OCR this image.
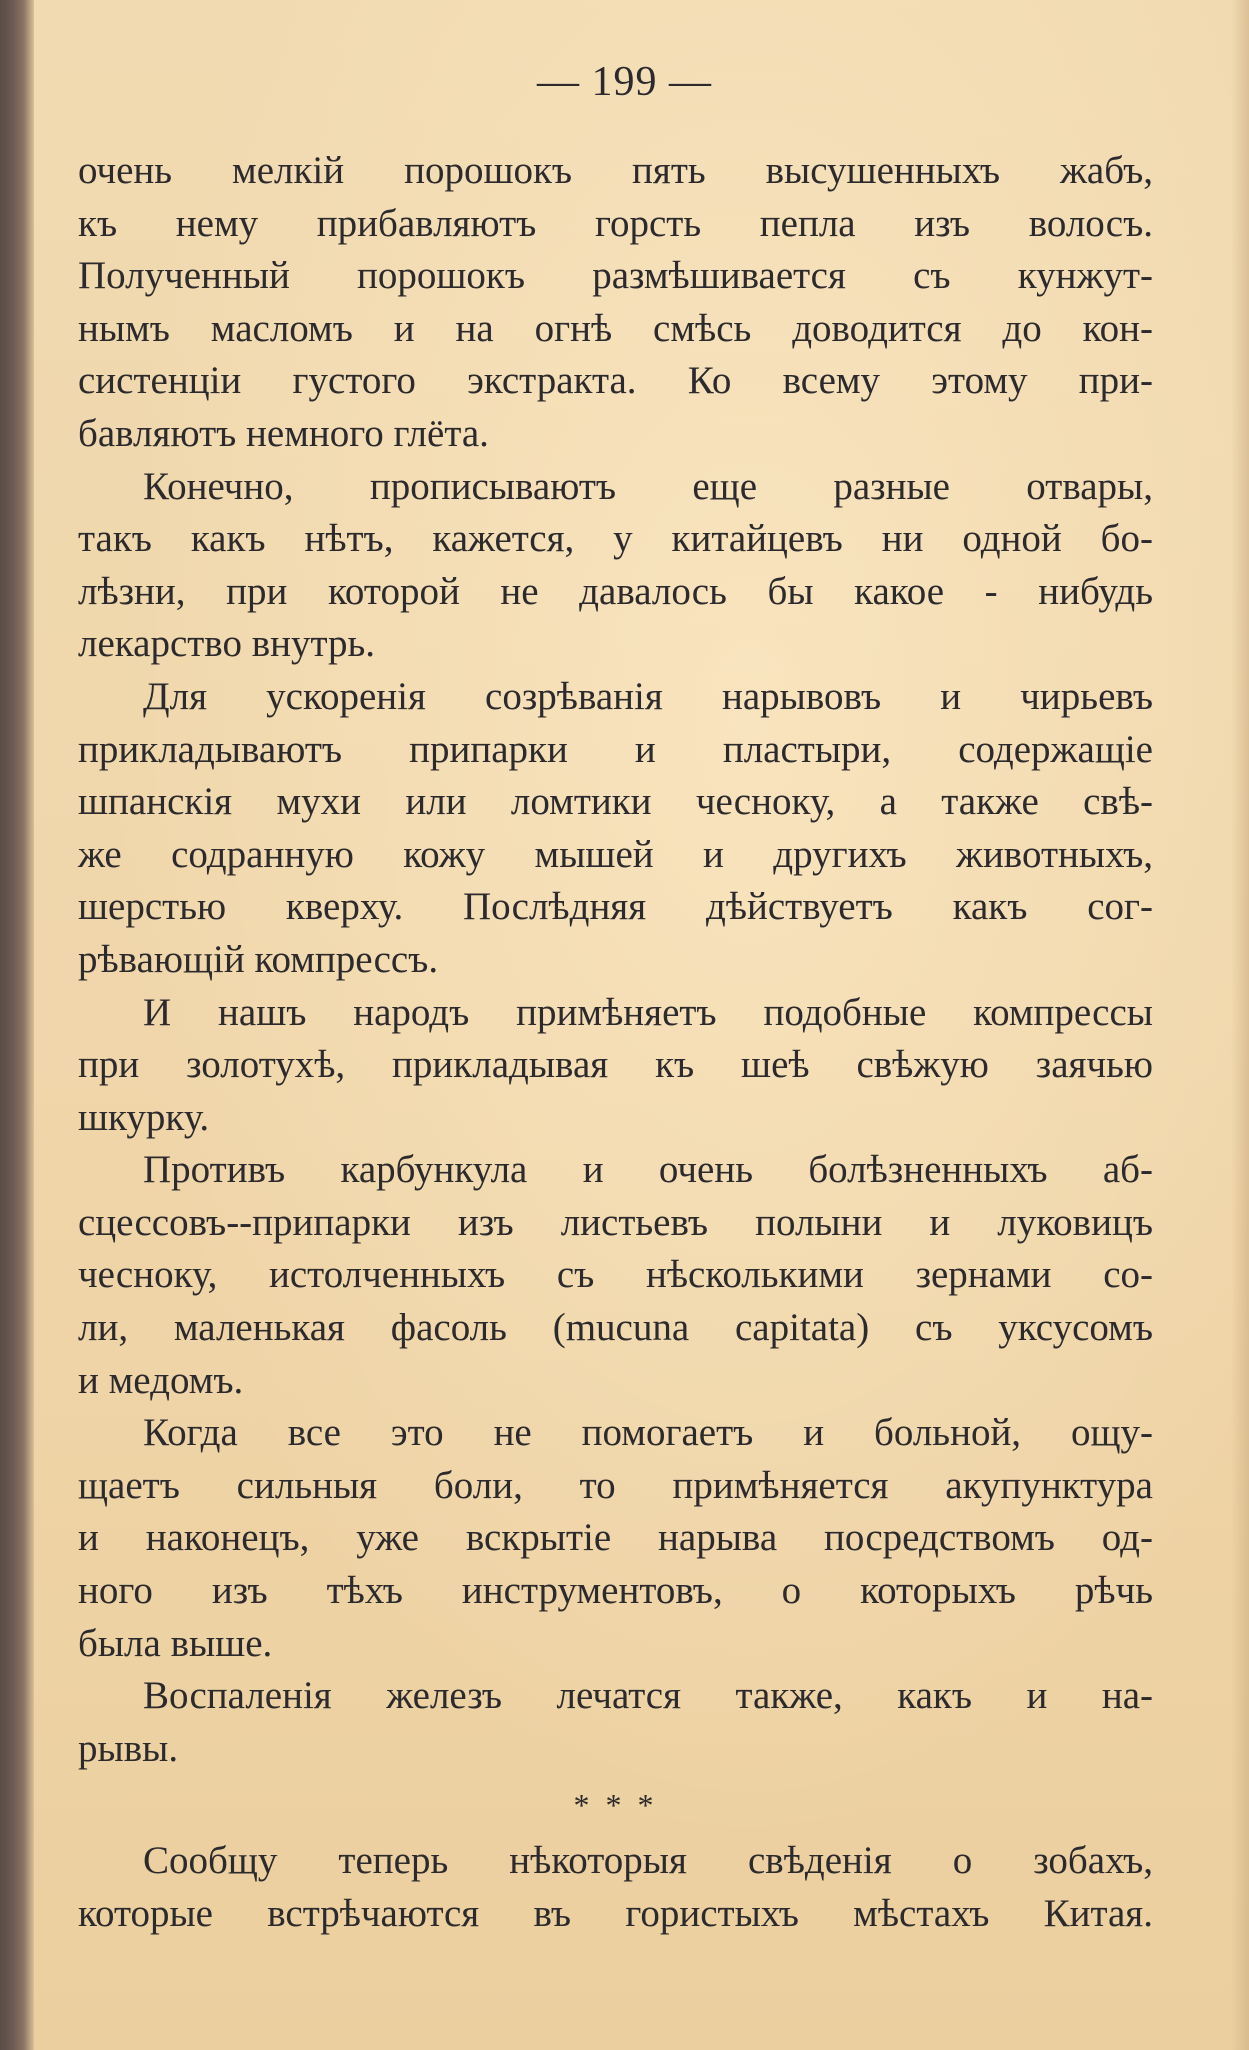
— 199 —
очень мелкій порошокъ пять высушенныхъ жабъ,
къ нему прибавляютъ горсть пепла изъ волосъ.
Полученный порошокъ размѣшивается съ кунжут-
нымъ масломъ и на огнѣ смѣсь доводится до кон-
систенціи густого экстракта. Ко всему этому при-
бавляютъ немного глёта.
Конечно, прописываютъ еще разные отвары,
такъ какъ нѣтъ, кажется, у китайцевъ ни одной бо-
лѣзни, при которой не давалось бы какое - нибудь
лекарство внутрь.
Для ускоренія созрѣванія нарывовъ и чирьевъ
прикладываютъ припарки и пластыри, содержащіе
шпанскія мухи или ломтики чесноку, а также свѣ-
же содранную кожу мышей и другихъ животныхъ,
шерстью кверху. Послѣдняя дѣйствуетъ какъ сог-
рѣвающій компрессъ.
И нашъ народъ примѣняетъ подобные компрессы
при золотухѣ, прикладывая къ шеѣ свѣжую заячью
шкурку.
Противъ карбункула и очень болѣзненныхъ аб-
сцессовъ--припарки изъ листьевъ полыни и луковицъ
чесноку, истолченныхъ съ нѣсколькими зернами со-
ли, маленькая фасоль (mucuna capitata) съ уксусомъ
и медомъ.
Когда все это не помогаетъ и больной, ощу-
щаетъ сильныя боли, то примѣняется акупунктура
и наконецъ, уже вскрытіе нарыва посредствомъ од-
ного изъ тѣхъ инструментовъ, о которыхъ рѣчь
была выше.
Воспаленія железъ лечатся также, какъ и на-
рывы.
* * *
Сообщу теперь нѣкоторыя свѣденія о зобахъ,
которые встрѣчаются въ гористыхъ мѣстахъ Китая.
